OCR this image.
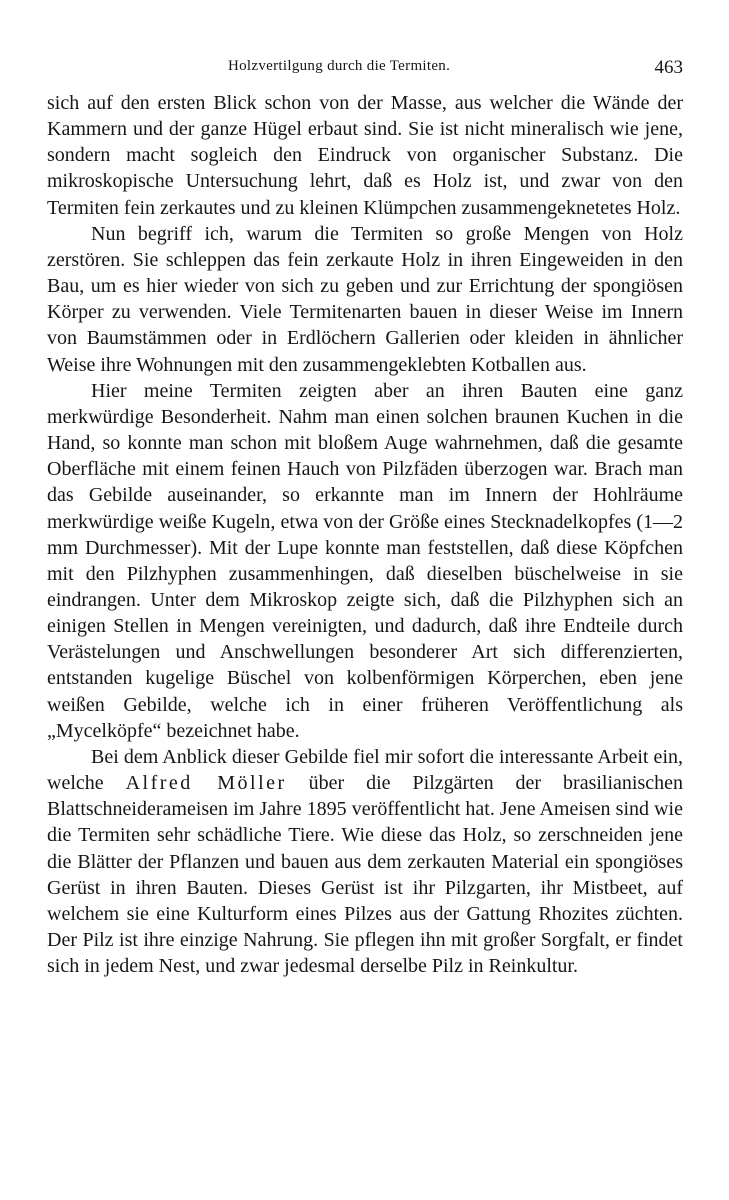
Holzvertilgung durch die Termiten.	463

sich auf den ersten Blick schon von der Masse, aus welcher die Wände der Kammern und der ganze Hügel erbaut sind. Sie ist nicht mineralisch wie jene, sondern macht sogleich den Eindruck von organischer Substanz. Die mikroskopische Untersuchung lehrt, daß es Holz ist, und zwar von den Termiten fein zerkautes und zu kleinen Klümpchen zusammengeknetetes Holz.

Nun begriff ich, warum die Termiten so große Mengen von Holz zerstören. Sie schleppen das fein zerkaute Holz in ihren Eingeweiden in den Bau, um es hier wieder von sich zu geben und zur Errichtung der spongiösen Körper zu verwenden. Viele Termitenarten bauen in dieser Weise im Innern von Baumstämmen oder in Erdlöchern Gallerien oder kleiden in ähnlicher Weise ihre Wohnungen mit den zusammengeklebten Kotballen aus.

Hier meine Termiten zeigten aber an ihren Bauten eine ganz merkwürdige Besonderheit. Nahm man einen solchen braunen Kuchen in die Hand, so konnte man schon mit bloßem Auge wahrnehmen, daß die gesamte Oberfläche mit einem feinen Hauch von Pilzfäden überzogen war. Brach man das Gebilde auseinander, so erkannte man im Innern der Hohlräume merkwürdige weiße Kugeln, etwa von der Größe eines Stecknadelkopfes (1—2 mm Durchmesser). Mit der Lupe konnte man feststellen, daß diese Köpfchen mit den Pilzhyphen zusammenhingen, daß dieselben büschelweise in sie eindrangen. Unter dem Mikroskop zeigte sich, daß die Pilzhyphen sich an einigen Stellen in Mengen vereinigten, und dadurch, daß ihre Endteile durch Verästelungen und Anschwellungen besonderer Art sich differenzierten, entstanden kugelige Büschel von kolbenförmigen Körperchen, eben jene weißen Gebilde, welche ich in einer früheren Veröffentlichung als „Mycelköpfe“ bezeichnet habe.

Bei dem Anblick dieser Gebilde fiel mir sofort die interessante Arbeit ein, welche Alfred Möller über die Pilzgärten der brasilianischen Blattschneiderameisen im Jahre 1895 veröffentlicht hat. Jene Ameisen sind wie die Termiten sehr schädliche Tiere. Wie diese das Holz, so zerschneiden jene die Blätter der Pflanzen und bauen aus dem zerkauten Material ein spongiöses Gerüst in ihren Bauten. Dieses Gerüst ist ihr Pilzgarten, ihr Mistbeet, auf welchem sie eine Kulturform eines Pilzes aus der Gattung Rhozites züchten. Der Pilz ist ihre einzige Nahrung. Sie pflegen ihn mit großer Sorgfalt, er findet sich in jedem Nest, und zwar jedesmal derselbe Pilz in Reinkultur.
